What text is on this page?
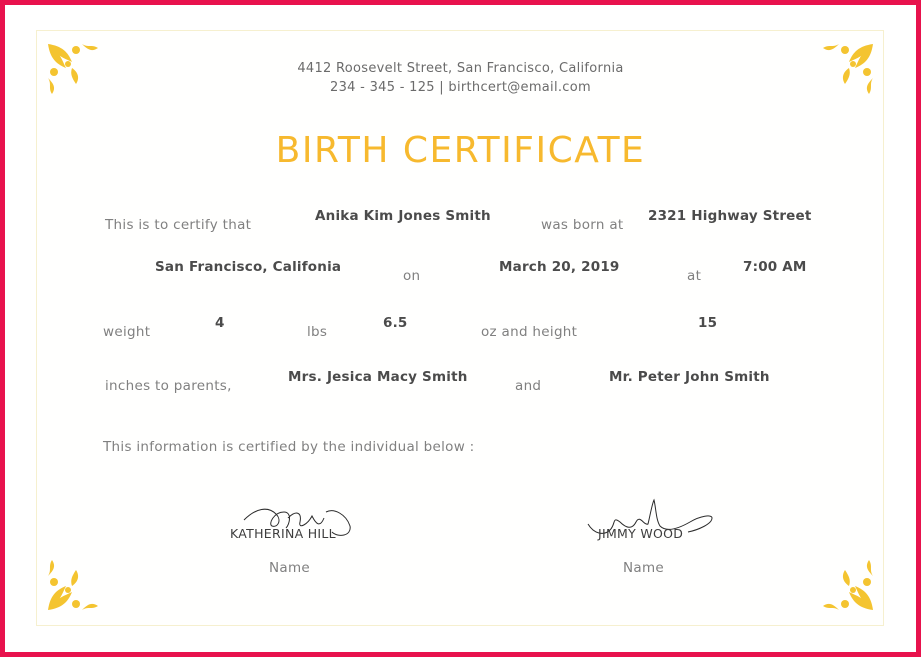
4412 Roosevelt Street, San Francisco, California
234 - 345 - 125 | birthcert@email.com
BIRTH CERTIFICATE
This is to certify that
Anika Kim Jones Smith
was born at
2321 Highway Street
San Francisco, Califonia
on
March 20, 2019
at
7:00 AM
weight
4
lbs
6.5
oz and height
15
inches to parents,
Mrs. Jesica Macy Smith
and
Mr. Peter John Smith
This information is certified by the individual below :
KATHERINA HILL
Name
JIMMY WOOD
Name
